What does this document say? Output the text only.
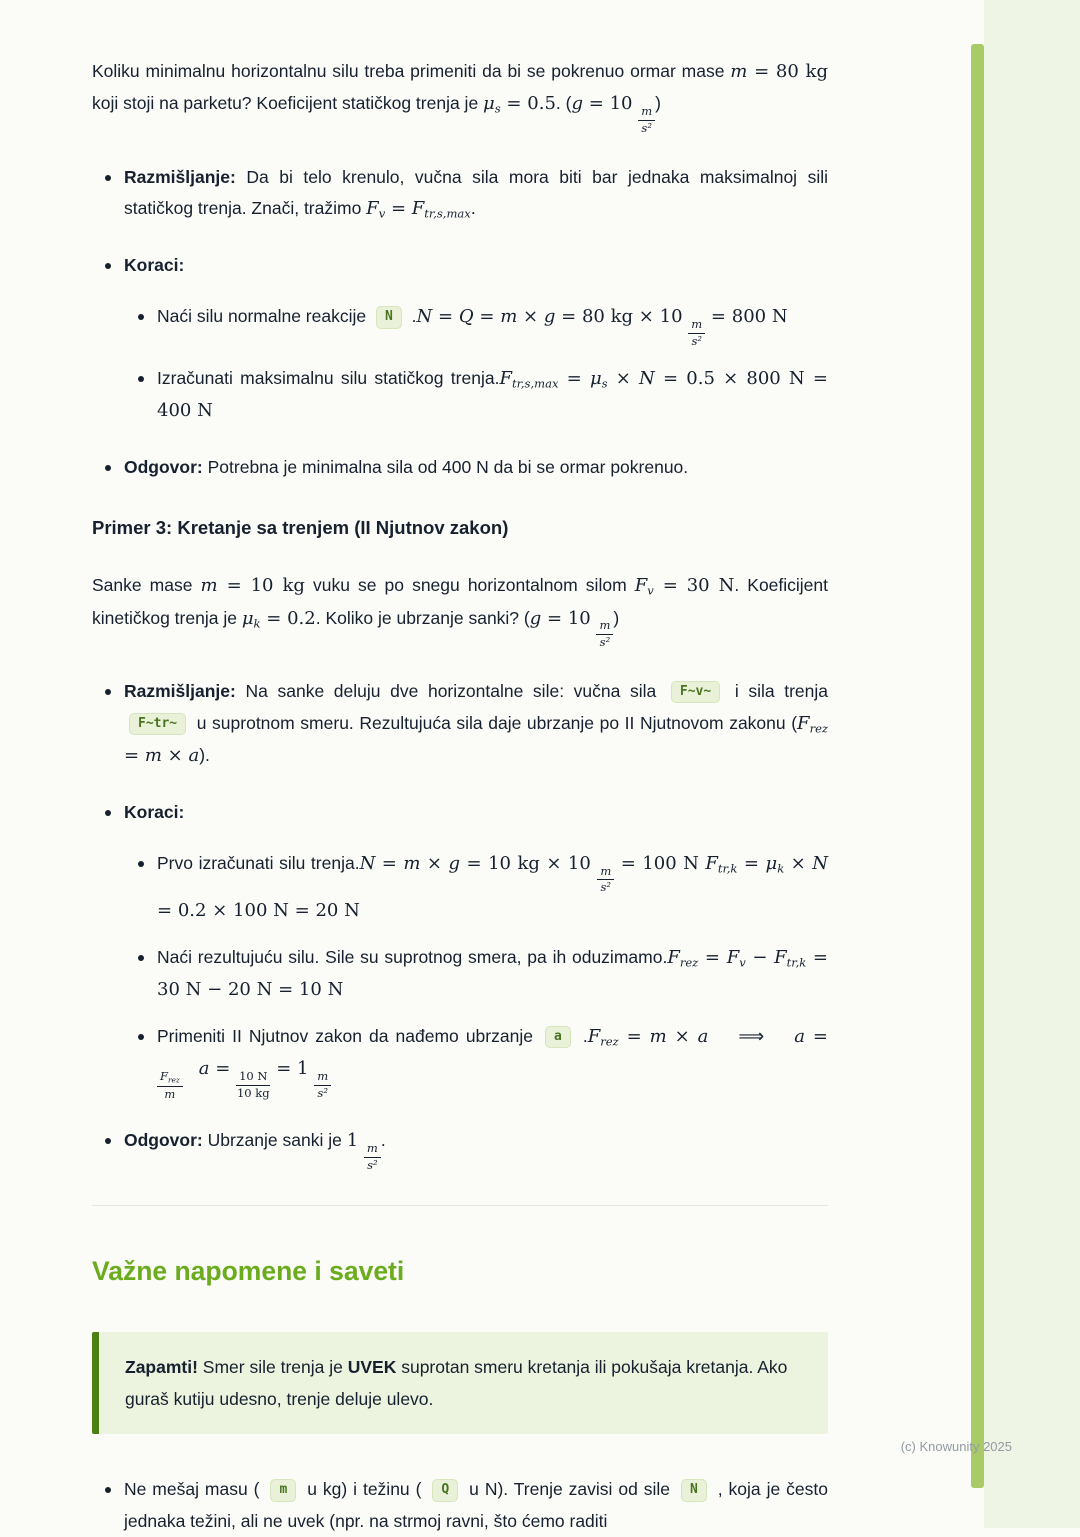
Koliku minimalnu horizontalnu silu treba primeniti da bi se pokrenuo ormar mase m = 80 kg koji stoji na parketu? Koeficijent statičkog trenja je $\mu_s = 0.5$. (g = 10
$\frac{m}{\text{s²}}$
)

Razmišljanje: Da bi telo krenulo, vučna sila mora biti bar jednaka maksimalnoj sili statičkog trenja. Znači, tražimo $F_v = F_{tr,s,max}$.
Koraci:
Naći silu normalne reakcije N .N = Q = m × g = 80 kg × 10
$\frac{m}{\text{s²}}$
= 800 N
Izračunati maksimalnu silu statičkog $trenja.F_{tr,s,max} = \mu_s \times N = 0.5 \times 800$ N = 400 N
Odgovor: Potrebna je minimalna sila od 400 N da bi se ormar pokrenuo.
Primer 3: Kretanje sa trenjem (II Njutnov zakon)

Sanke mase m = 10 kg vuku se po snegu horizontalnom silom $F_v = 30$ N. Koeficijent kinetičkog trenja je $\mu_k = 0.2$. Koliko je ubrzanje sanki? (g = 10
$\frac{m}{\text{s²}}$
)

Razmišljanje: Na sanke deluju dve horizontalne sile: vučna sila F~v~ i sila trenja F~tr~ u suprotnom smeru. Rezultujuća sila daje ubrzanje po II Njutnovom zakonu $(F_{rez} = m \times a)$.
Koraci:
Prvo izračunati silu trenja.N = m × g = 10 kg × 10
$\frac{m}{\text{s²}}$
= 100 N $F_{tr,k} = \mu_k \times N = 0.2 \times 100$ N = 20 N
Naći rezultujuću silu. Sile su suprotnog smera, pa ih $oduzimamo.F_{rez} = F_v - F_{tr,k} = 30$ N − 20 N = 10 N
Primeniti II Njutnov zakon da nađemo ubrzanje a $.F_{rez} = m \times a$ ⟹ a =
$\frac{F_{rez}}{m}$
a =
$\frac{10 N}{10 kg}$
= 1
$\frac{m}{\text{s²}}$
Odgovor: Ubrzanje sanki je 1
$\frac{m}{\text{s²}}$
.
Važne napomene i saveti
Zapamti! Smer sile trenja je UVEK suprotan smeru kretanja ili pokušaja kretanja. Ako guraš kutiju udesno, trenje deluje ulevo.
Ne mešaj masu ( m u kg) i težinu ( Q u N). Trenje zavisi od sile N , koja je često jednaka težini, ali ne uvek (npr. na strmoj ravni, što ćemo raditi
(c) Knowunity 2025
